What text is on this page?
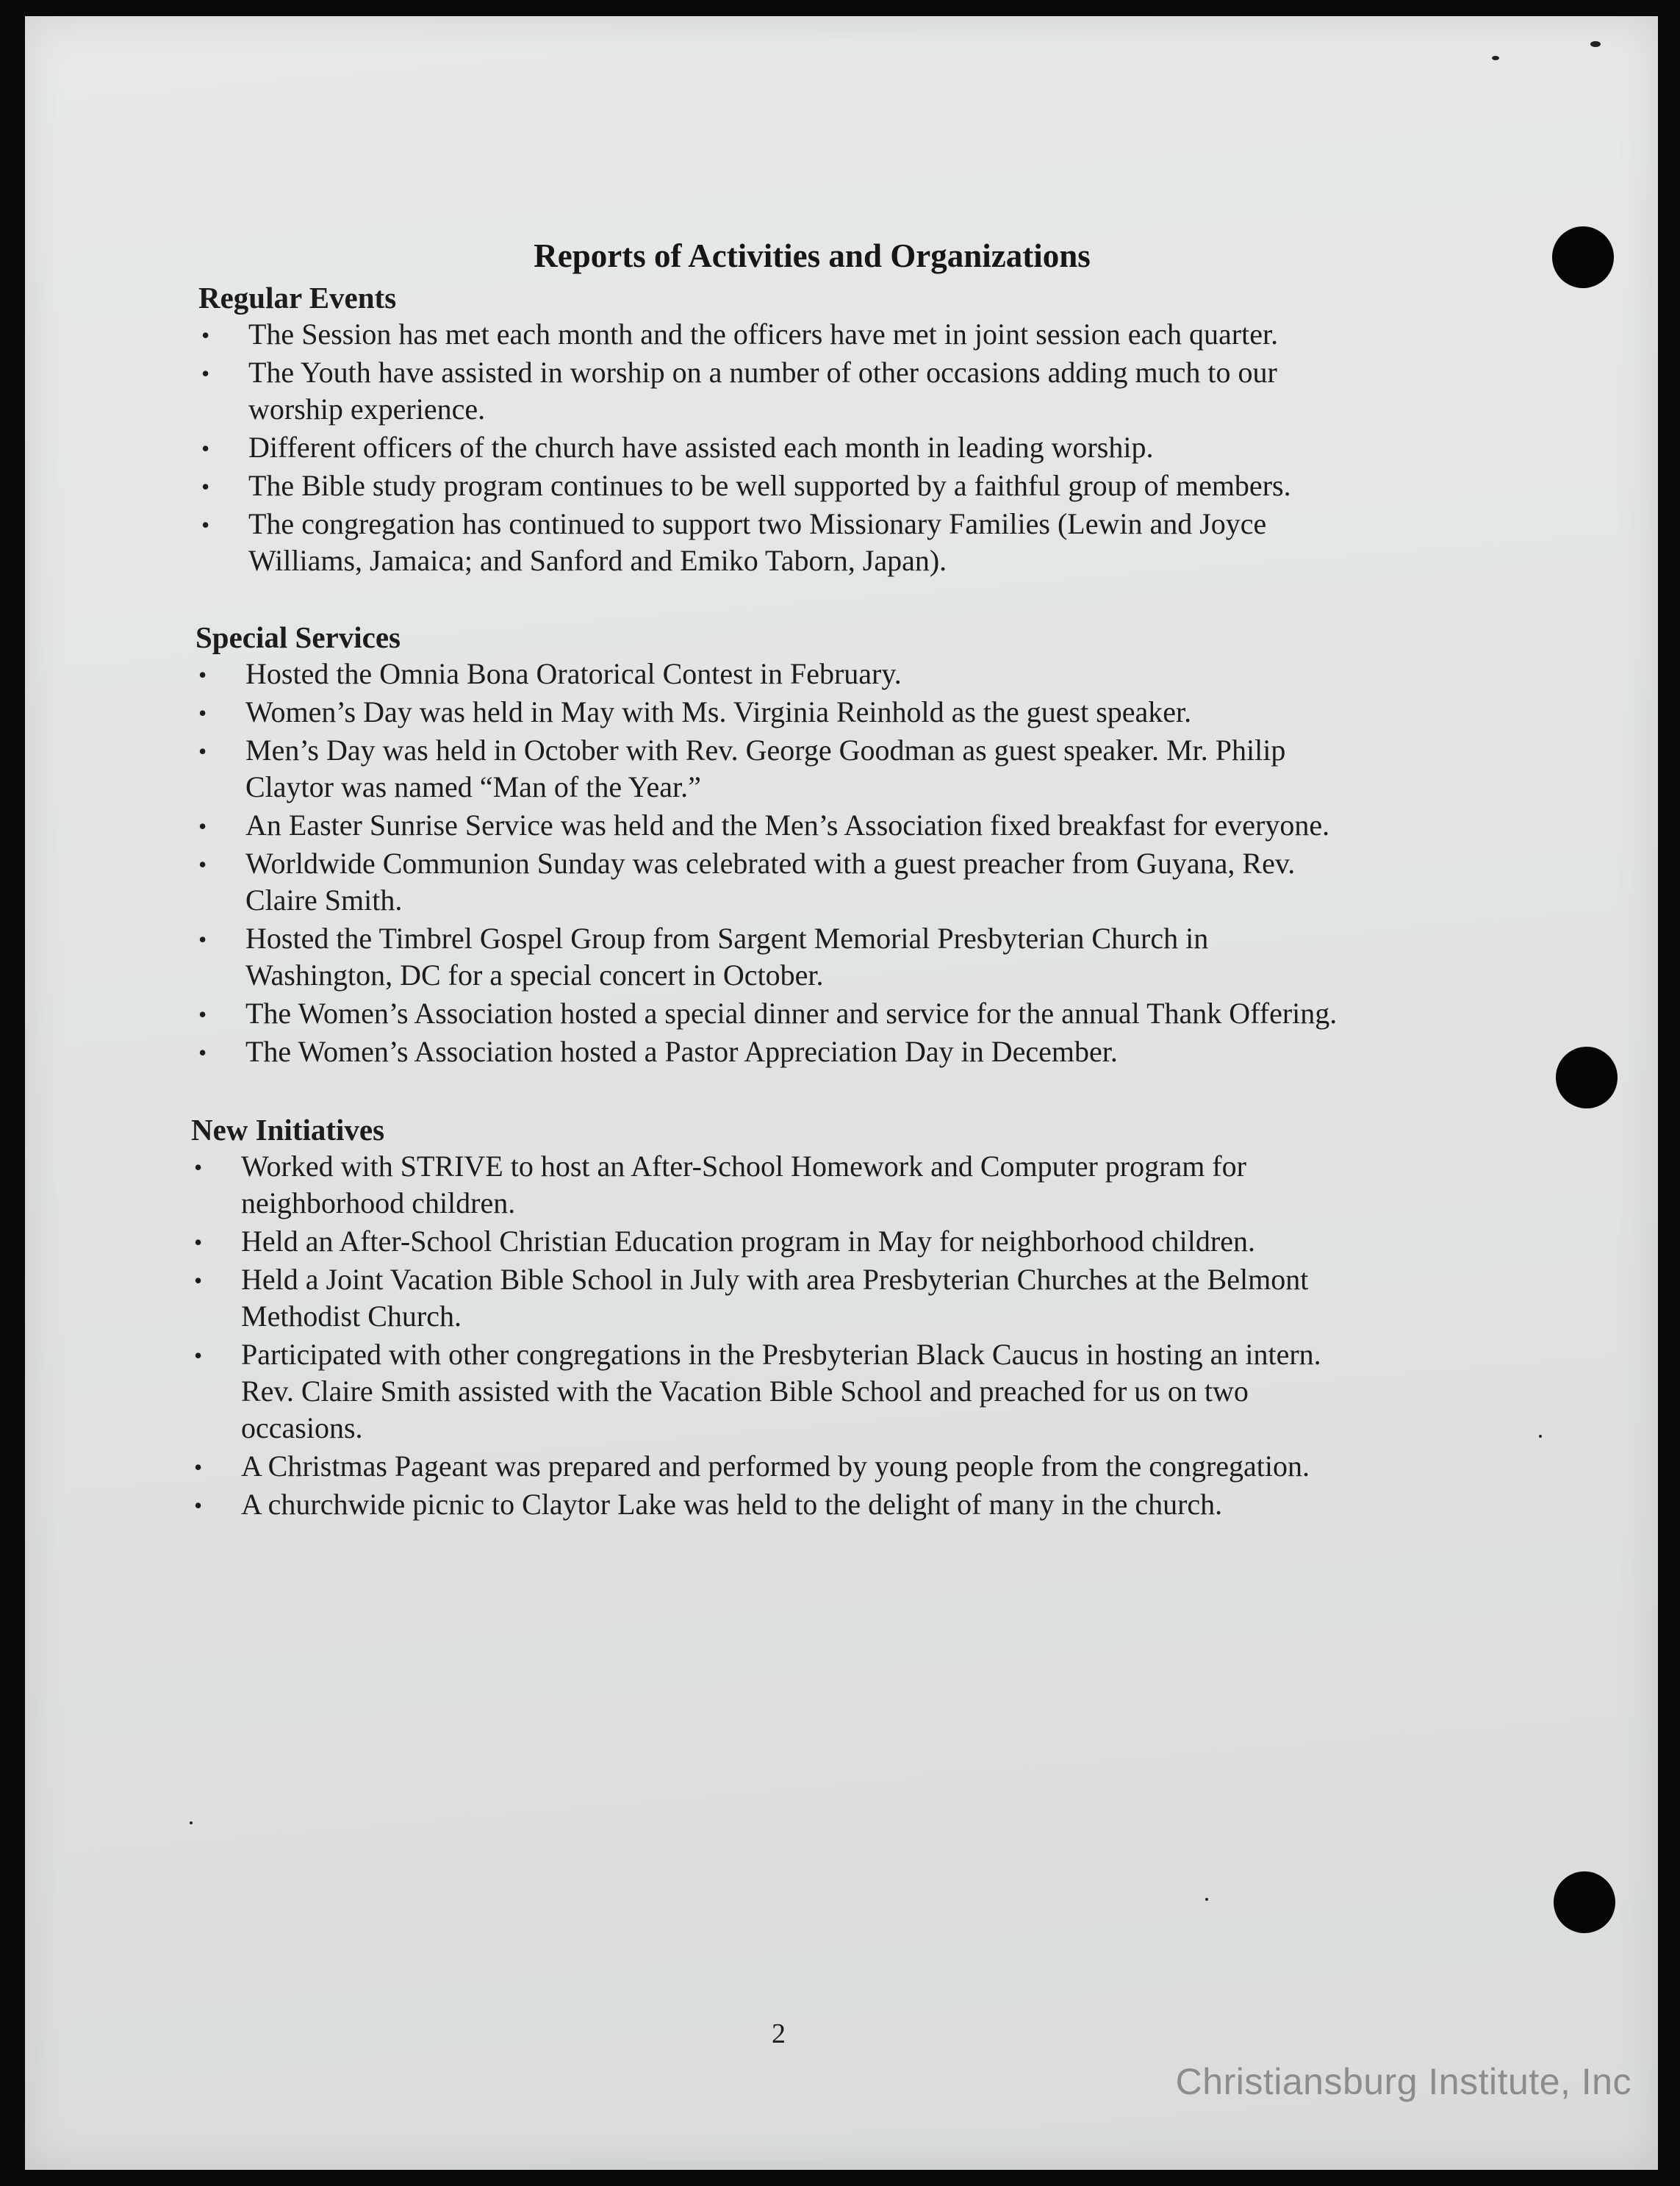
Reports of Activities and Organizations
Regular Events
• The Session has met each month and the officers have met in joint session each quarter.
• The Youth have assisted in worship on a number of other occasions adding much to our
worship experience.
• Different officers of the church have assisted each month in leading worship.
• The Bible study program continues to be well supported by a faithful group of members.
• The congregation has continued to support two Missionary Families (Lewin and Joyce
Williams, Jamaica; and Sanford and Emiko Taborn, Japan).
Special Services
• Hosted the Omnia Bona Oratorical Contest in February.
• Women’s Day was held in May with Ms. Virginia Reinhold as the guest speaker.
• Men’s Day was held in October with Rev. George Goodman as guest speaker. Mr. Philip
Claytor was named “Man of the Year.”
• An Easter Sunrise Service was held and the Men’s Association fixed breakfast for everyone.
• Worldwide Communion Sunday was celebrated with a guest preacher from Guyana, Rev.
Claire Smith.
• Hosted the Timbrel Gospel Group from Sargent Memorial Presbyterian Church in
Washington, DC for a special concert in October.
• The Women’s Association hosted a special dinner and service for the annual Thank Offering.
• The Women’s Association hosted a Pastor Appreciation Day in December.
New Initiatives
• Worked with STRIVE to host an After-School Homework and Computer program for
neighborhood children.
• Held an After-School Christian Education program in May for neighborhood children.
• Held a Joint Vacation Bible School in July with area Presbyterian Churches at the Belmont
Methodist Church.
• Participated with other congregations in the Presbyterian Black Caucus in hosting an intern.
Rev. Claire Smith assisted with the Vacation Bible School and preached for us on two
occasions.
• A Christmas Pageant was prepared and performed by young people from the congregation.
• A churchwide picnic to Claytor Lake was held to the delight of many in the church.
2
Christiansburg Institute, Inc
